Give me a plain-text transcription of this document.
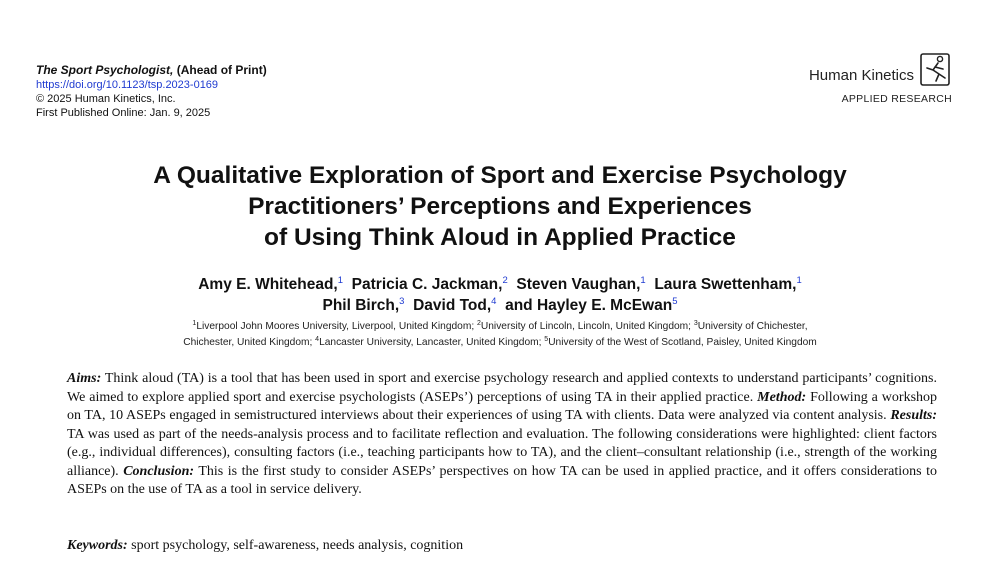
The Sport Psychologist, (Ahead of Print)
https://doi.org/10.1123/tsp.2023-0169
© 2025 Human Kinetics, Inc.
First Published Online: Jan. 9, 2025
Human Kinetics
APPLIED RESEARCH
A Qualitative Exploration of Sport and Exercise Psychology
Practitioners’ Perceptions and Experiences
of Using Think Aloud in Applied Practice
Amy E. Whitehead,$^1$ Patricia C. Jackman,$^2$ Steven Vaughan,$^1$ Laura Swettenham,$^1$
Phil Birch,$^3$ David Tod,$^4$ and Hayley E. McEwan$^5$
$^1$Liverpool John Moores University, Liverpool, United Kingdom; $^2$University of Lincoln, Lincoln, United Kingdom; $^3$University of Chichester,
Chichester, United Kingdom; $^4$Lancaster University, Lancaster, United Kingdom; $^5$University of the West of Scotland, Paisley, United Kingdom
Aims: Think aloud (TA) is a tool that has been used in sport and exercise psychology research and applied contexts to understand participants’ cognitions. We aimed to explore applied sport and exercise psychologists (ASEPs’) perceptions of using TA in their applied practice. Method: Following a workshop on TA, 10 ASEPs engaged in semistructured interviews about their experiences of using TA with clients. Data were analyzed via content analysis. Results: TA was used as part of the needs-analysis process and to facilitate reflection and evaluation. The following considerations were highlighted: client factors (e.g., individual differences), consulting factors (i.e., teaching participants how to TA), and the client–consultant relationship (i.e., strength of the working alliance). Conclusion: This is the first study to consider ASEPs’ perspectives on how TA can be used in applied practice, and it offers considerations to ASEPs on the use of TA as a tool in service delivery.
Keywords: sport psychology, self-awareness, needs analysis, cognition
